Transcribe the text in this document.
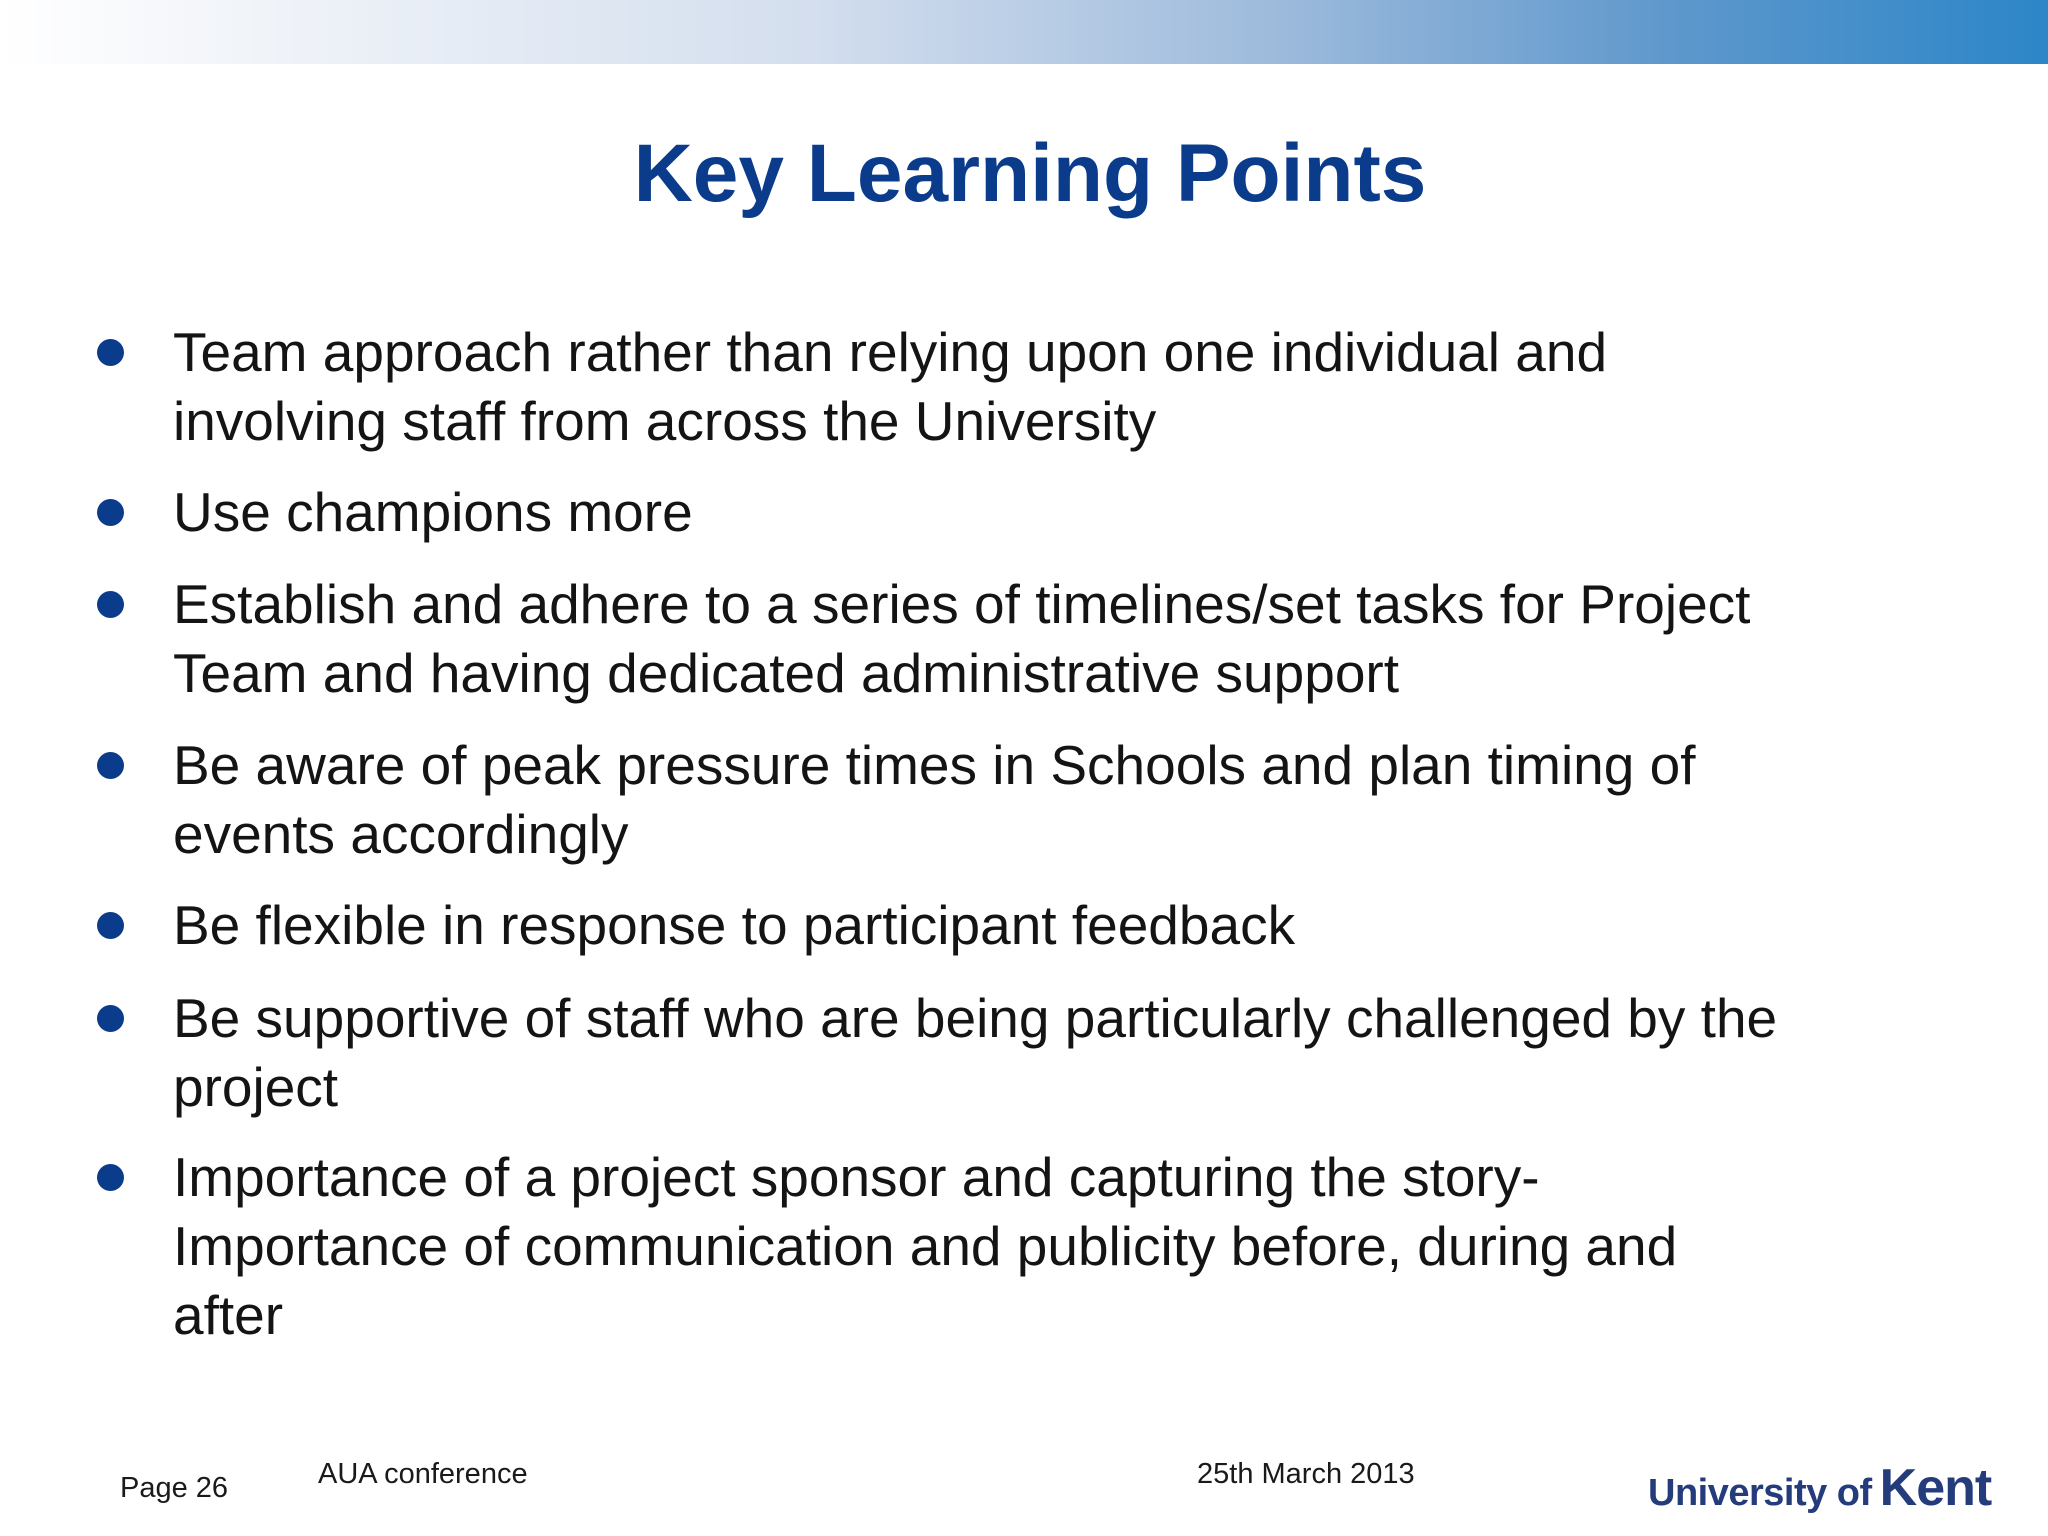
Key Learning Points
Team approach rather than relying upon one individual and
involving staff from across the University
Use champions more
Establish and adhere to a series of timelines/set tasks for Project
Team and having dedicated administrative support
Be aware of peak pressure times in Schools and plan timing of
events accordingly
Be flexible in response to participant feedback
Be supportive of staff who are being particularly challenged by the
project
Importance of a project sponsor and capturing the story-
Importance of communication and publicity before, during and
after
Page 26	AUA conference	25th March 2013	University of Kent
